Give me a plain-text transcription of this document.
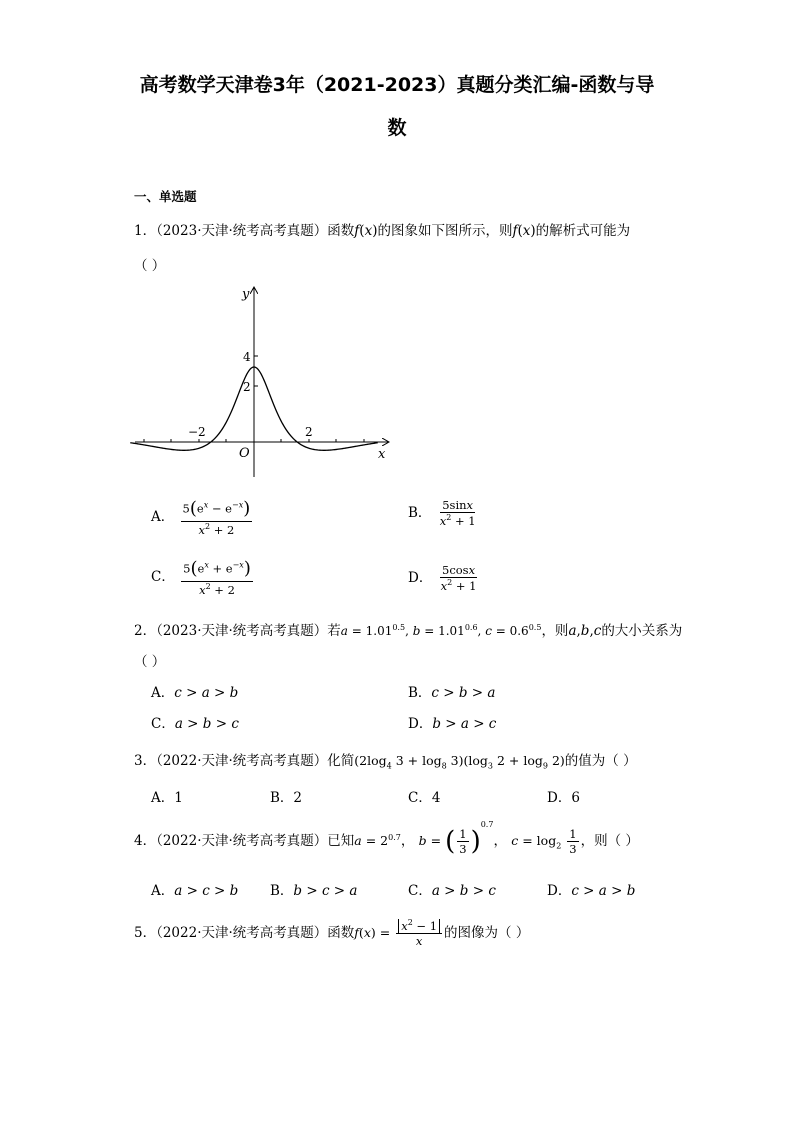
高考数学天津卷3年（2021-2023）真题分类汇编-函数与导
数
一、单选题
1．（2023·天津·统考高考真题）函数f(x)的图象如下图所示，则f(x)的解析式可能为
（ ）
y
x
O
4
2
−2	2
A． $\frac{5(e^x - e^{-x})}{x^2 + 2}$	B． $\frac{5\sin x}{x^2 + 1}$
C． $\frac{5(e^x + e^{-x})}{x^2 + 2}$	D． $\frac{5\cos x}{x^2 + 1}$
2．（2023·天津·统考高考真题）若$a = 1.01^{0.5}$, $b = 1.01^{0.6}$, $c = 0.6^{0.5}$，则a,b,c的大小关系为
（ ）
A．c > a > b	B．c > b > a
C．a > b > c	D．b > a > c
3．（2022·天津·统考高考真题）化简($2\log_4$ $3 + \log_8 3)(\log_3$ $2 + \log_9 2$)的值为（ ）
A．1	B．2	C．4	D．6
4．（2022·天津·统考高考真题）已知$a = 2^{0.7}$， b = ( $\frac{1}{3} )^{0.7}$， $c = \log_2 \frac{1}{3}$ ，则（ ）
A．a > c > b B．b > c > a	C．a > b > c	D．c > a > b
5．（2022·天津·统考高考真题）函数$f(x) = \frac{x^2 - 1}{x}$ 的图像为（ ）
